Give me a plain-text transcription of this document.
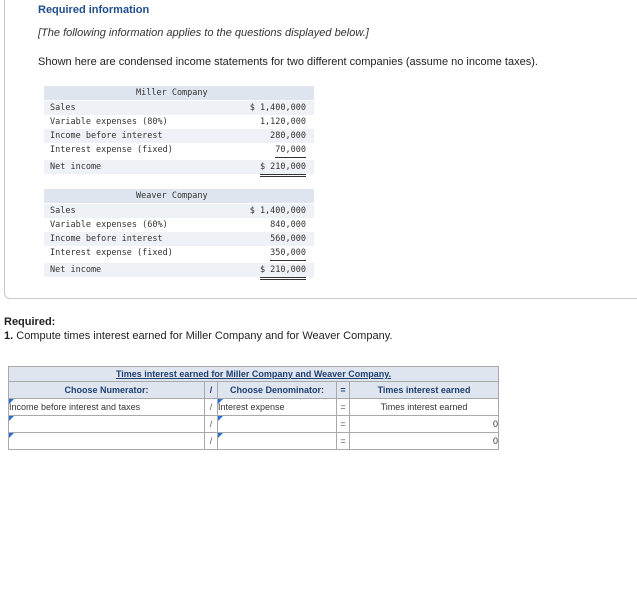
Required information
[The following information applies to the questions displayed below.]
Shown here are condensed income statements for two different companies (assume no income taxes).
Miller Company
Sales	$ 1,400,000
Variable expenses (80%)	1,120,000
Income before interest	280,000
Interest expense (fixed)	70,000
Net income	$ 210,000
Weaver Company
Sales	$ 1,400,000
Variable expenses (60%)	840,000
Income before interest	560,000
Interest expense (fixed)	350,000
Net income	$ 210,000
Required:
1. Compute times interest earned for Miller Company and for Weaver Company.
Times interest earned for Miller Company and Weaver Company.				
Choose Numerator:	/	Choose Denominator:	=	Times interest earned
Income before interest and taxes	/	Interest expense	=	Times interest earned
	/		=	0
	/		=	0
